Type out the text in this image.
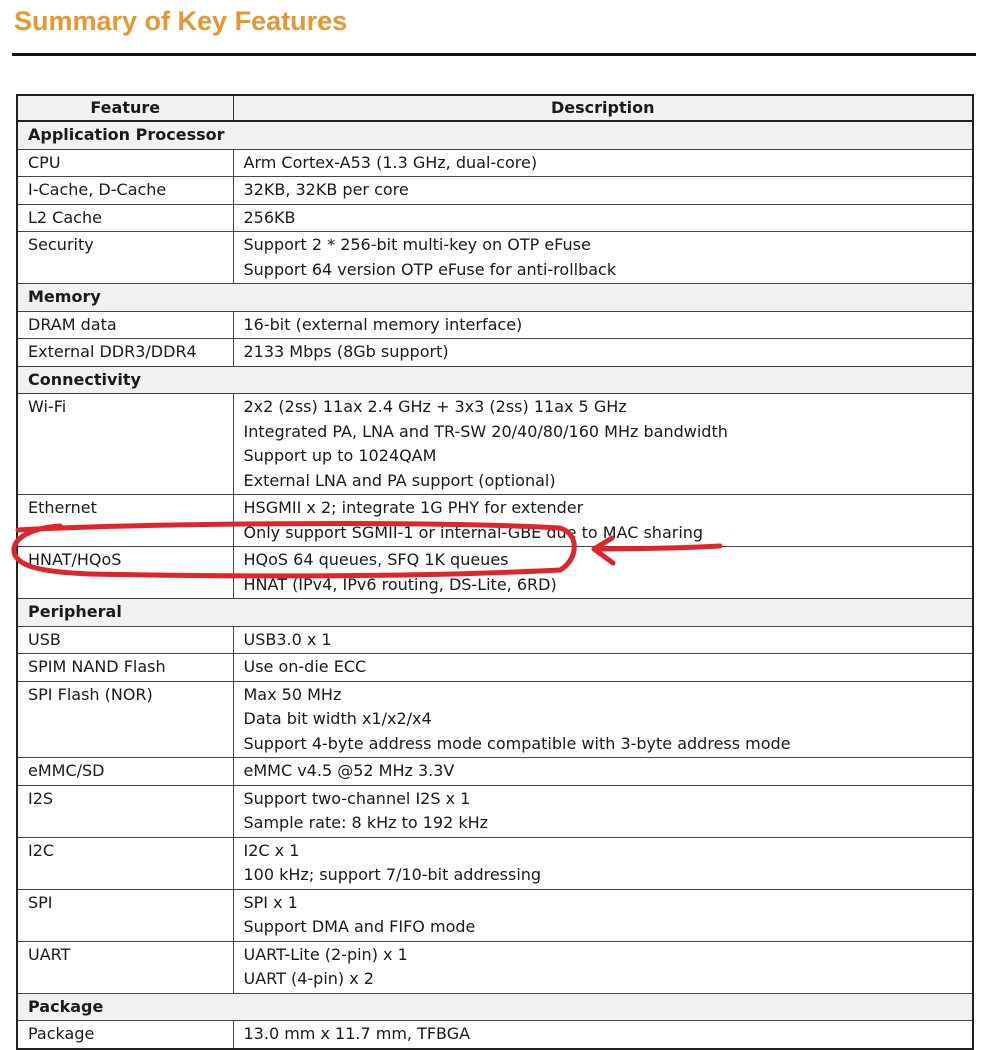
Summary of Key Features
Feature	Description
Application Processor	
CPU	Arm Cortex-A53 (1.3 GHz, dual-core)

I-Cache, D-Cache	32KB, 32KB per core

L2 Cache	256KB

Security	Support 2 * 256-bit multi-key on OTP eFuse
Support 64 version OTP eFuse for anti-rollback

Memory	
DRAM data	16-bit (external memory interface)

External DDR3/DDR4	2133 Mbps (8Gb support)

Connectivity	
Wi-Fi	2x2 (2ss) 11ax 2.4 GHz + 3x3 (2ss) 11ax 5 GHz
Integrated PA, LNA and TR-SW 20/40/80/160 MHz bandwidth
Support up to 1024QAM
External LNA and PA support (optional)

Ethernet	HSGMII x 2; integrate 1G PHY for extender
Only support SGMII-1 or internal-GBE due to MAC sharing

HNAT/HQoS	HQoS 64 queues, SFQ 1K queues
HNAT (IPv4, IPv6 routing, DS-Lite, 6RD)

Peripheral	
USB	USB3.0 x 1

SPIM NAND Flash	Use on-die ECC

SPI Flash (NOR)	Max 50 MHz
Data bit width x1/x2/x4
Support 4-byte address mode compatible with 3-byte address mode

eMMC/SD	eMMC v4.5 @52 MHz 3.3V

I2S	Support two-channel I2S x 1
Sample rate: 8 kHz to 192 kHz

I2C	I2C x 1
100 kHz; support 7/10-bit addressing

SPI	SPI x 1
Support DMA and FIFO mode

UART	UART-Lite (2-pin) x 1
UART (4-pin) x 2

Package	
Package	13.0 mm x 11.7 mm, TFBGA
